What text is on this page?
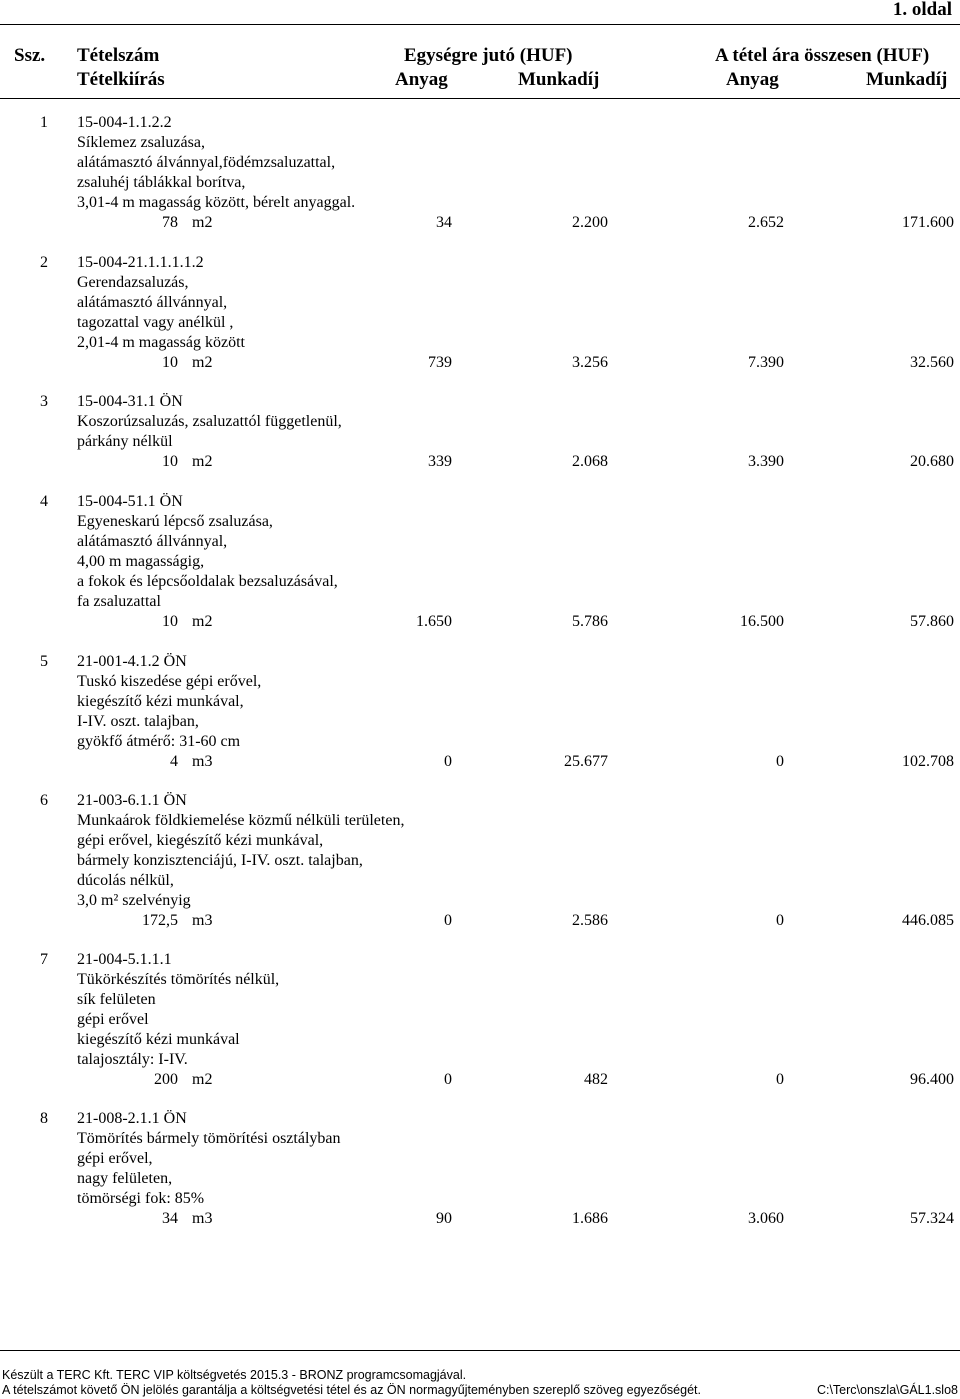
1. oldal
Ssz. Tételszám
Tételkiírás
Egységre jutó (HUF)	A tétel ára összesen (HUF)
Anyag	Munkadíj	Anyag	Munkadíj
1 15-004-1.1.2.2
Síklemez zsaluzása,
alátámasztó álvánnyal,födémzsaluzattal,
zsaluhéj táblákkal borítva,
3,01-4 m magasság között, bérelt anyaggal.
78 m2	34	2.200	2.652	171.600
2 15-004-21.1.1.1.1.2
Gerendazsaluzás,
alátámasztó állvánnyal,
tagozattal vagy anélkül ,
2,01-4 m magasság között
10 m2	739	3.256	7.390	32.560
3 15-004-31.1 ÖN
Koszorúzsaluzás, zsaluzattól függetlenül,
párkány nélkül
10 m2	339	2.068	3.390	20.680
4 15-004-51.1 ÖN
Egyeneskarú lépcső zsaluzása,
alátámasztó állvánnyal,
4,00 m magasságig,
a fokok és lépcsőoldalak bezsaluzásával,
fa zsaluzattal
10 m2	1.650	5.786	16.500	57.860
5 21-001-4.1.2 ÖN
Tuskó kiszedése gépi erővel,
kiegészítő kézi munkával,
I-IV. oszt. talajban,
gyökfő átmérő: 31-60 cm
4 m3	0	25.677	0	102.708
6 21-003-6.1.1 ÖN
Munkaárok földkiemelése közmű nélküli területen,
gépi erővel, kiegészítő kézi munkával,
bármely konzisztenciájú, I-IV. oszt. talajban,
dúcolás nélkül,
3,0 m² szelvényig
172,5 m3	0	2.586	0	446.085
7 21-004-5.1.1.1
Tükörkészítés tömörítés nélkül,
sík felületen
gépi erővel
kiegészítő kézi munkával
talajosztály: I-IV.
200 m2	0	482	0	96.400
8 21-008-2.1.1 ÖN
Tömörítés bármely tömörítési osztályban
gépi erővel,
nagy felületen,
tömörségi fok: 85%
34 m3	90	1.686	3.060	57.324
Készült a TERC Kft. TERC VIP költségvetés 2015.3 - BRONZ programcsomagjával.
A tételszámot követő ÖN jelölés garantálja a költségvetési tétel és az ÖN normagyűjteményben szereplő szöveg egyezőségét.	C:\Terc\onszla\GÁL1.slo8
